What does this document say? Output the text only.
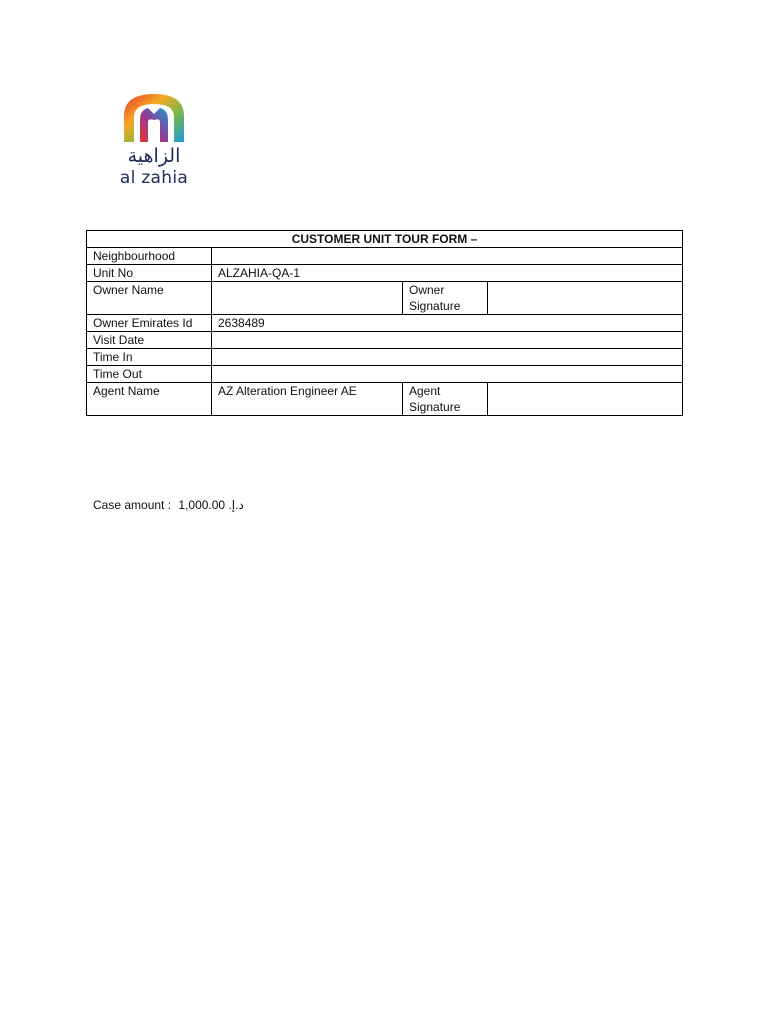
الزاهية
al zahia
CUSTOMER UNIT TOUR FORM –			
Neighbourhood			
Unit No	ALZAHIA-QA-1		
Owner Name		Owner Signature	
Owner Emirates Id	2638489		
Visit Date			
Time In			
Time Out			
Agent Name	AZ Alteration Engineer AE	Agent Signature	
Case amount : د.إ. 1,000.00
